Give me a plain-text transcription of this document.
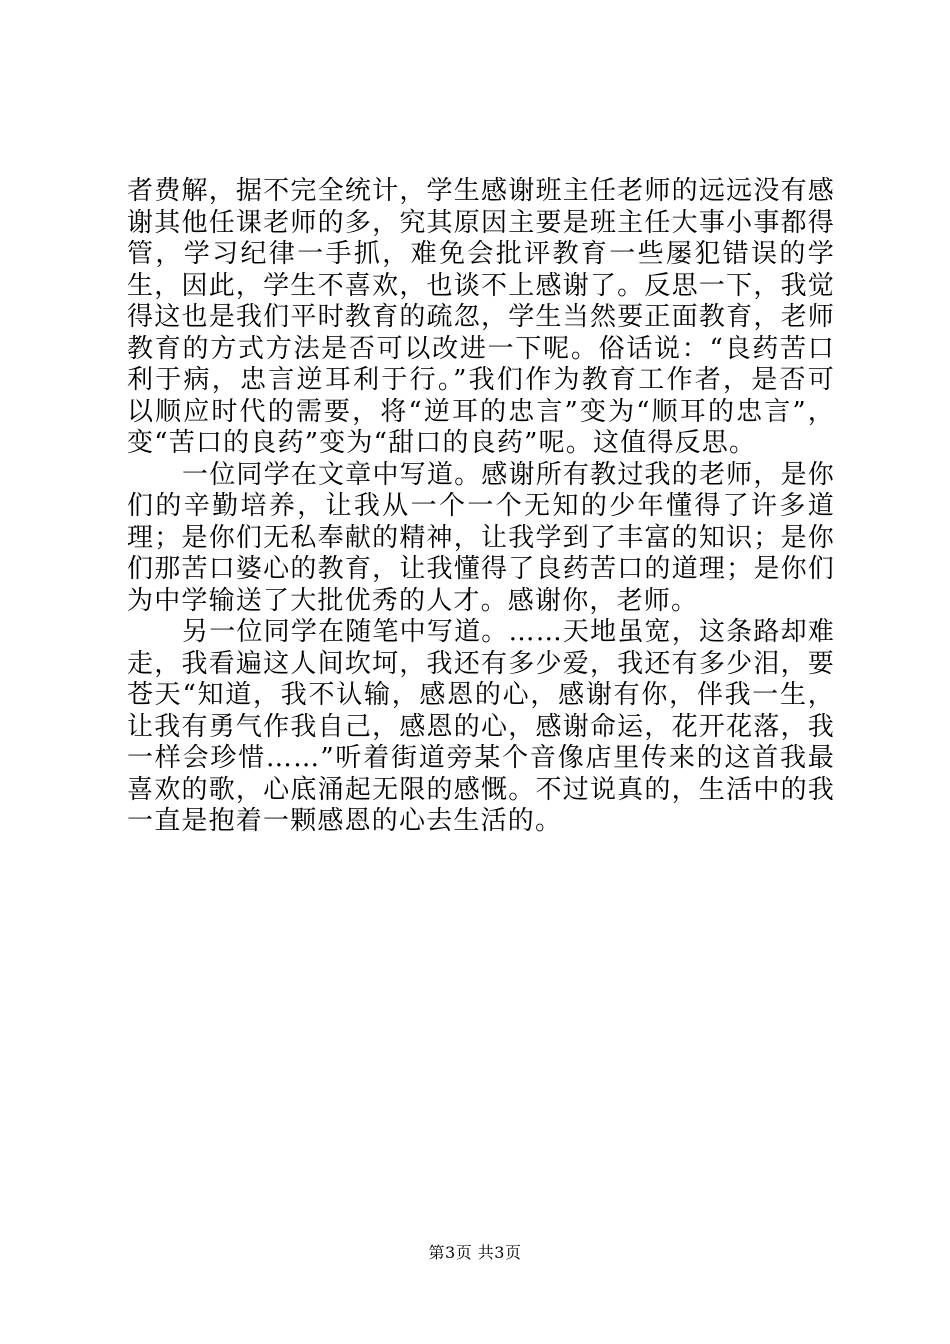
者费解，据不完全统计，学生感谢班主任老师的远远没有感谢其他任课老师的多，究其原因主要是班主任大事小事都得管，学习纪律一手抓，难免会批评教育一些屡犯错误的学生，因此，学生不喜欢，也谈不上感谢了。反思一下，我觉得这也是我们平时教育的疏忽，学生当然要正面教育，老师教育的方式方法是否可以改进一下呢。俗话说：“良药苦口利于病，忠言逆耳利于行。”我们作为教育工作者，是否可以顺应时代的需要，将“逆耳的忠言”变为“顺耳的忠言”，变“苦口的良药”变为“甜口的良药”呢。这值得反思。

一位同学在文章中写道。感谢所有教过我的老师，是你们的辛勤培养，让我从一个一个无知的少年懂得了许多道理；是你们无私奉献的精神，让我学到了丰富的知识；是你们那苦口婆心的教育，让我懂得了良药苦口的道理；是你们为中学输送了大批优秀的人才。感谢你，老师。

另一位同学在随笔中写道。……天地虽宽，这条路却难走，我看遍这人间坎坷，我还有多少爱，我还有多少泪，要苍天“知道，我不认输，感恩的心，感谢有你，伴我一生，让我有勇气作我自己，感恩的心，感谢命运，花开花落，我一样会珍惜……”听着街道旁某个音像店里传来的这首我最喜欢的歌，心底涌起无限的感慨。不过说真的，生活中的我一直是抱着一颗感恩的心去生活的。

第3页 共3页
